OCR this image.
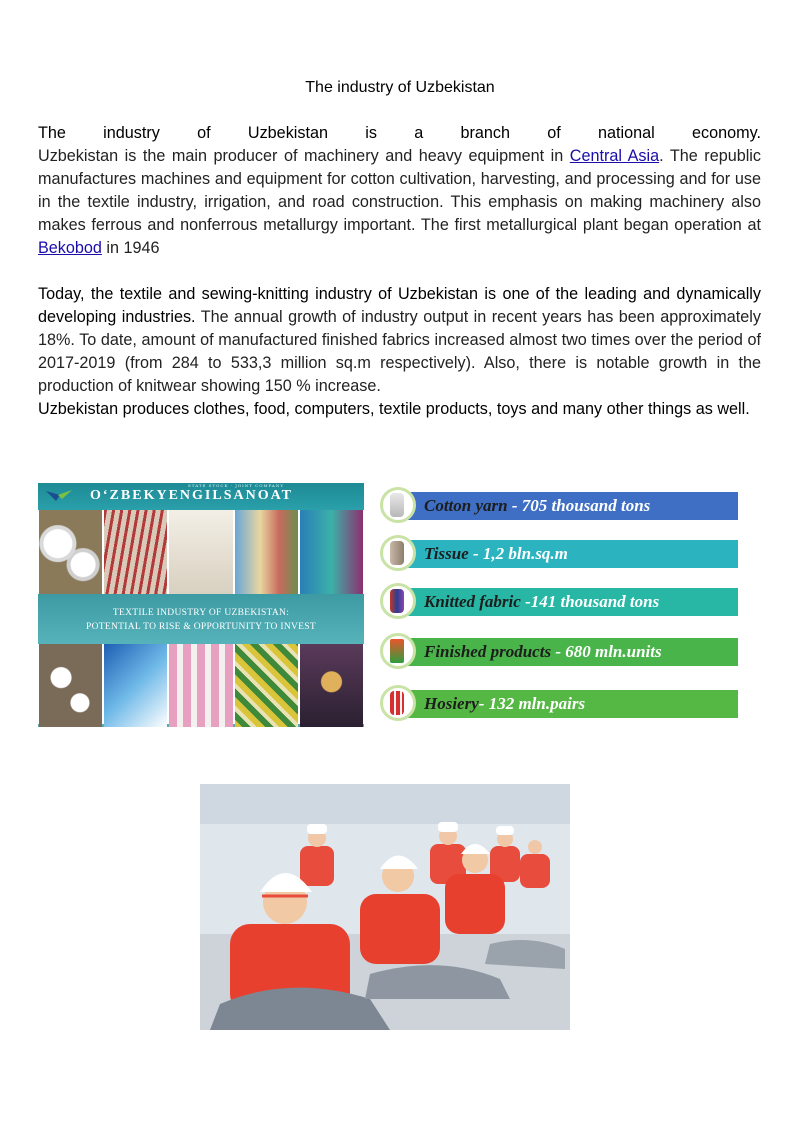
The industry of Uzbekistan

The industry of Uzbekistan is a branch of national economy.
Uzbekistan is the main producer of machinery and heavy equipment in Central Asia. The republic manufactures machines and equipment for cotton cultivation, harvesting, and processing and for use in the textile industry, irrigation, and road construction. This emphasis on making machinery also makes ferrous and nonferrous metallurgy important. The first metallurgical plant began operation at Bekobod in 1946

Today, the textile and sewing-knitting industry of Uzbekistan is one of the leading and dynamically developing industries. The annual growth of industry output in recent years has been approximately 18%. To date, amount of manufactured finished fabrics increased almost two times over the period of 2017-2019 (from 284 to 533,3 million sq.m respectively). Also, there is notable growth in the production of knitwear showing 150 % increase.

Uzbekistan produces clothes, food, computers, textile products, toys and many other things as well.

STATE STOCK · JOINT COMPANY
O‘ZBEKYENGILSANOAT
TEXTILE INDUSTRY OF UZBEKISTAN:
POTENTIAL TO RISE & OPPORTUNITY TO INVEST
Cotton yarn - 705 thousand tons
Tissue - 1,2 bln.sq.m
Knitted fabric -141 thousand tons
Finished products - 680 mln.units
Hosiery- 132 mln.pairs
